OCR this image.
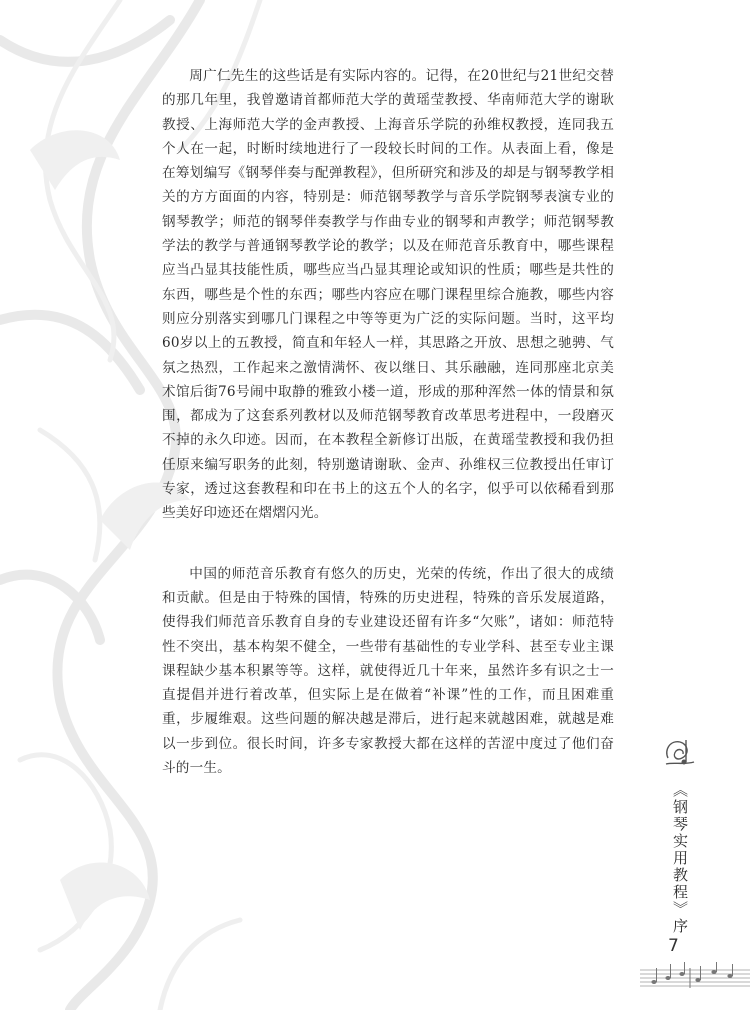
周广仁先生的这些话是有实际内容的。记得，在20世纪与21世纪交替的那几年里，我曾邀请首都师范大学的黄瑶莹教授、华南师范大学的谢耿教授、上海师范大学的金声教授、上海音乐学院的孙维权教授，连同我五个人在一起，时断时续地进行了一段较长时间的工作。从表面上看，像是在筹划编写《钢琴伴奏与配弹教程》，但所研究和涉及的却是与钢琴教学相关的方方面面的内容，特别是：师范钢琴教学与音乐学院钢琴表演专业的钢琴教学；师范的钢琴伴奏教学与作曲专业的钢琴和声教学；师范钢琴教学法的教学与普通钢琴教学论的教学；以及在师范音乐教育中，哪些课程应当凸显其技能性质，哪些应当凸显其理论或知识的性质；哪些是共性的东西，哪些是个性的东西；哪些内容应在哪门课程里综合施教，哪些内容则应分别落实到哪几门课程之中等等更为广泛的实际问题。当时，这平均60岁以上的五教授，简直和年轻人一样，其思路之开放、思想之驰骋、气氛之热烈，工作起来之激情满怀、夜以继日、其乐融融，连同那座北京美术馆后街76号闹中取静的雅致小楼一道，形成的那种浑然一体的情景和氛围，都成为了这套系列教材以及师范钢琴教育改革思考进程中，一段磨灭不掉的永久印迹。因而，在本教程全新修订出版，在黄瑶莹教授和我仍担任原来编写职务的此刻，特别邀请谢耿、金声、孙维权三位教授出任审订专家，透过这套教程和印在书上的这五个人的名字，似乎可以依稀看到那些美好印迹还在熠熠闪光。

中国的师范音乐教育有悠久的历史，光荣的传统，作出了很大的成绩和贡献。但是由于特殊的国情，特殊的历史进程，特殊的音乐发展道路，使得我们师范音乐教育自身的专业建设还留有许多“欠账”，诸如：师范特性不突出，基本构架不健全，一些带有基础性的专业学科、甚至专业主课课程缺少基本积累等等。这样，就使得近几十年来，虽然许多有识之士一直提倡并进行着改革，但实际上是在做着“补课”性的工作，而且困难重重，步履维艰。这些问题的解决越是滞后，进行起来就越困难，就越是难以一步到位。很长时间，许多专家教授大都在这样的苦涩中度过了他们奋斗的一生。

《钢琴实用教程》序
7
